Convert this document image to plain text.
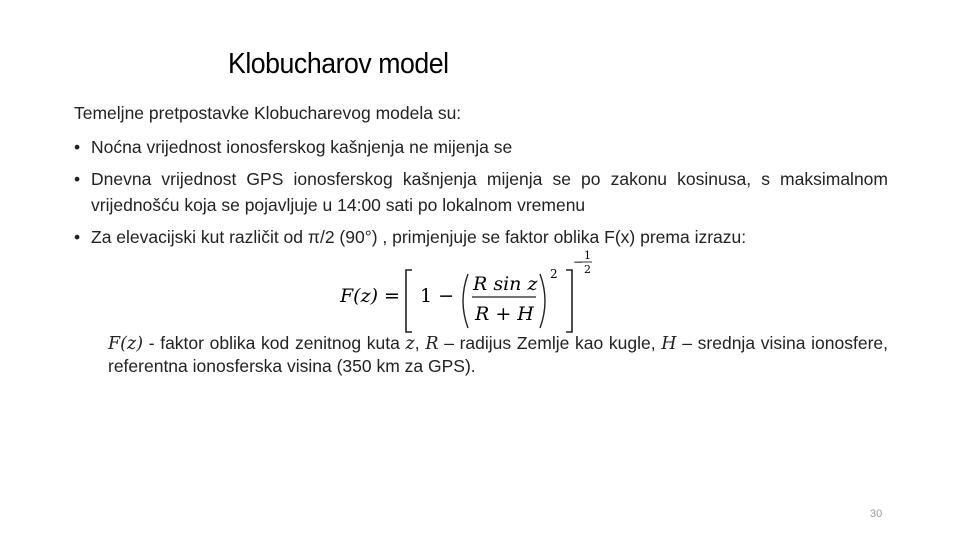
Klobucharov model

Temeljne pretpostavke Klobucharevog modela su:

• Noćna vrijednost ionosferskog kašnjenja ne mijenja se
• Dnevna vrijednost GPS ionosferskog kašnjenja mijenja se po zakonu kosinusa, s maksimalnom vrijednošću koja se pojavljuje u 14:00 sati po lokalnom vremenu
• Za elevacijski kut različit od π/2 (90°) , primjenjuje se faktor oblika F(x) prema izrazu:
F(z) = 1 −
R sin z
R + H
2
− 1
2
F(z) - faktor oblika kod zenitnog kuta z, R – radijus Zemlje kao kugle, H – srednja visina ionosfere, referentna ionosferska visina (350 km za GPS).
30
